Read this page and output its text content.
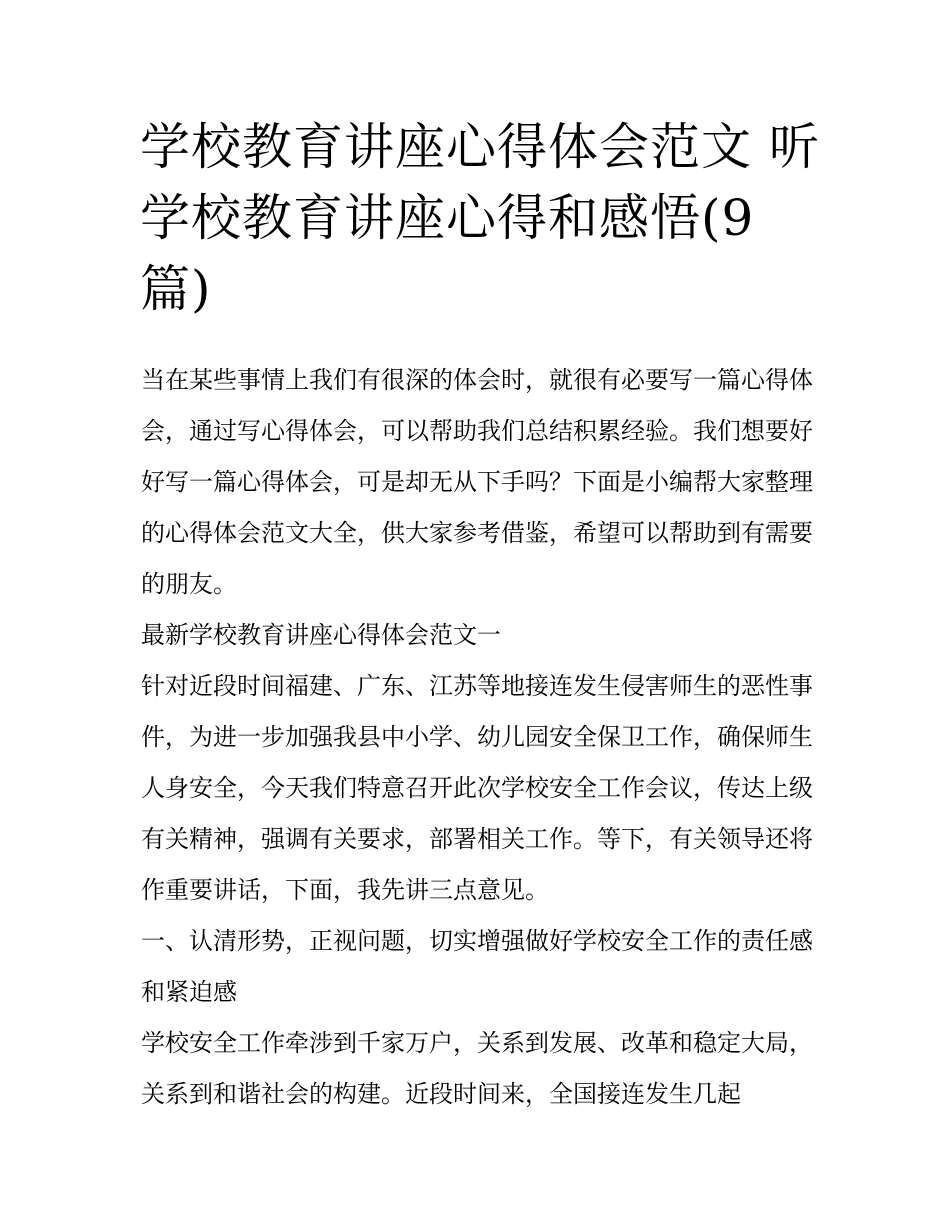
学校教育讲座心得体会范文 听学校教育讲座心得和感悟(9篇)

当在某些事情上我们有很深的体会时，就很有必要写一篇心得体会，通过写心得体会，可以帮助我们总结积累经验。我们想要好好写一篇心得体会，可是却无从下手吗？下面是小编帮大家整理的心得体会范文大全，供大家参考借鉴，希望可以帮助到有需要的朋友。

最新学校教育讲座心得体会范文一

针对近段时间福建、广东、江苏等地接连发生侵害师生的恶性事件，为进一步加强我县中小学、幼儿园安全保卫工作，确保师生人身安全，今天我们特意召开此次学校安全工作会议，传达上级有关精神，强调有关要求，部署相关工作。等下，有关领导还将作重要讲话，下面，我先讲三点意见。

一、认清形势，正视问题，切实增强做好学校安全工作的责任感和紧迫感

学校安全工作牵涉到千家万户，关系到发展、改革和稳定大局，关系到和谐社会的构建。近段时间来，全国接连发生几起
